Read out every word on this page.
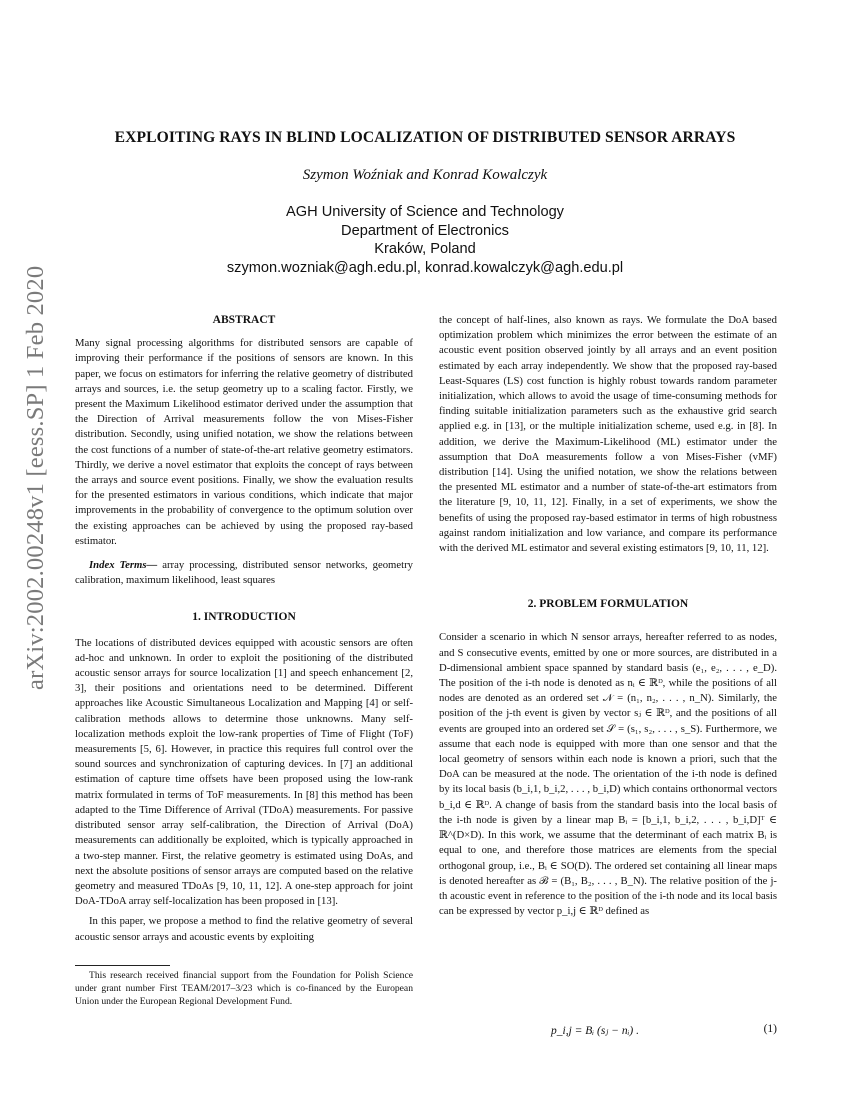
arXiv:2002.00248v1 [eess.SP] 1 Feb 2020
EXPLOITING RAYS IN BLIND LOCALIZATION OF DISTRIBUTED SENSOR ARRAYS
Szymon Woźniak and Konrad Kowalczyk
AGH University of Science and Technology
Department of Electronics
Kraków, Poland
szymon.wozniak@agh.edu.pl, konrad.kowalczyk@agh.edu.pl
ABSTRACT

Many signal processing algorithms for distributed sensors are capable of improving their performance if the positions of sensors are known. In this paper, we focus on estimators for inferring the relative geometry of distributed arrays and sources, i.e. the setup geometry up to a scaling factor. Firstly, we present the Maximum Likelihood estimator derived under the assumption that the Direction of Arrival measurements follow the von Mises-Fisher distribution. Secondly, using unified notation, we show the relations between the cost functions of a number of state-of-the-art relative geometry estimators. Thirdly, we derive a novel estimator that exploits the concept of rays between the arrays and source event positions. Finally, we show the evaluation results for the presented estimators in various conditions, which indicate that major improvements in the probability of convergence to the optimum solution over the existing approaches can be achieved by using the proposed ray-based estimator.

Index Terms— array processing, distributed sensor networks, geometry calibration, maximum likelihood, least squares

1. INTRODUCTION

The locations of distributed devices equipped with acoustic sensors are often ad-hoc and unknown. In order to exploit the positioning of the distributed acoustic sensor arrays for source localization [1] and speech enhancement [2, 3], their positions and orientations need to be determined. Different approaches like Acoustic Simultaneous Localization and Mapping [4] or self-calibration methods allows to determine those unknowns. Many self-localization methods exploit the low-rank properties of Time of Flight (ToF) measurements [5, 6]. However, in practice this requires full control over the sound sources and synchronization of capturing devices. In [7] an additional estimation of capture time offsets have been proposed using the low-rank matrix formulated in terms of ToF measurements. In [8] this method has been adapted to the Time Difference of Arrival (TDoA) measurements. For passive distributed sensor array self-calibration, the Direction of Arrival (DoA) measurements can additionally be exploited, which is typically approached in a two-step manner. First, the relative geometry is estimated using DoAs, and next the absolute positions of sensor arrays are computed based on the relative geometry and measured TDoAs [9, 10, 11, 12]. A one-step approach for joint DoA-TDoA array self-localization has been proposed in [13].

In this paper, we propose a method to find the relative geometry of several acoustic sensor arrays and acoustic events by exploiting

This research received financial support from the Foundation for Polish Science under grant number First TEAM/2017–3/23 which is co-financed by the European Union under the European Regional Development Fund.

the concept of half-lines, also known as rays. We formulate the DoA based optimization problem which minimizes the error between the estimate of an acoustic event position observed jointly by all arrays and an event position estimated by each array independently. We show that the proposed ray-based Least-Squares (LS) cost function is highly robust towards random parameter initialization, which allows to avoid the usage of time-consuming methods for finding suitable initialization parameters such as the exhaustive grid search applied e.g. in [13], or the multiple initialization scheme, used e.g. in [8]. In addition, we derive the Maximum-Likelihood (ML) estimator under the assumption that DoA measurements follow a von Mises-Fisher (vMF) distribution [14]. Using the unified notation, we show the relations between the presented ML estimator and a number of state-of-the-art estimators from the literature [9, 10, 11, 12]. Finally, in a set of experiments, we show the benefits of using the proposed ray-based estimator in terms of high robustness against random initialization and low variance, and compare its performance with the derived ML estimator and several existing estimators [9, 10, 11, 12].

2. PROBLEM FORMULATION

Consider a scenario in which N sensor arrays, hereafter referred to as nodes, and S consecutive events, emitted by one or more sources, are distributed in a D-dimensional ambient space spanned by standard basis (e₁, e₂, . . . , e_D). The position of the i-th node is denoted as nᵢ ∈ ℝᴰ, while the positions of all nodes are denoted as an ordered set 𝒩 = (n₁, n₂, . . . , n_N). Similarly, the position of the j-th event is given by vector sⱼ ∈ ℝᴰ, and the positions of all events are grouped into an ordered set 𝒮 = (s₁, s₂, . . . , s_S). Furthermore, we assume that each node is equipped with more than one sensor and that the local geometry of sensors within each node is known a priori, such that the DoA can be measured at the node. The orientation of the i-th node is defined by its local basis (b_i,1, b_i,2, . . . , b_i,D) which contains orthonormal vectors b_i,d ∈ ℝᴰ. A change of basis from the standard basis into the local basis of the i-th node is given by a linear map Bᵢ = [b_i,1, b_i,2, . . . , b_i,D]ᵀ ∈ ℝ^(D×D). In this work, we assume that the determinant of each matrix Bᵢ is equal to one, and therefore those matrices are elements from the special orthogonal group, i.e., Bᵢ ∈ SO(D). The ordered set containing all linear maps is denoted hereafter as ℬ = (B₁, B₂, . . . , B_N). The relative position of the j-th acoustic event in reference to the position of the i-th node and its local basis can be expressed by vector p_i,j ∈ ℝᴰ defined as

p_i,j = Bᵢ (sⱼ − nᵢ) .	(1)
